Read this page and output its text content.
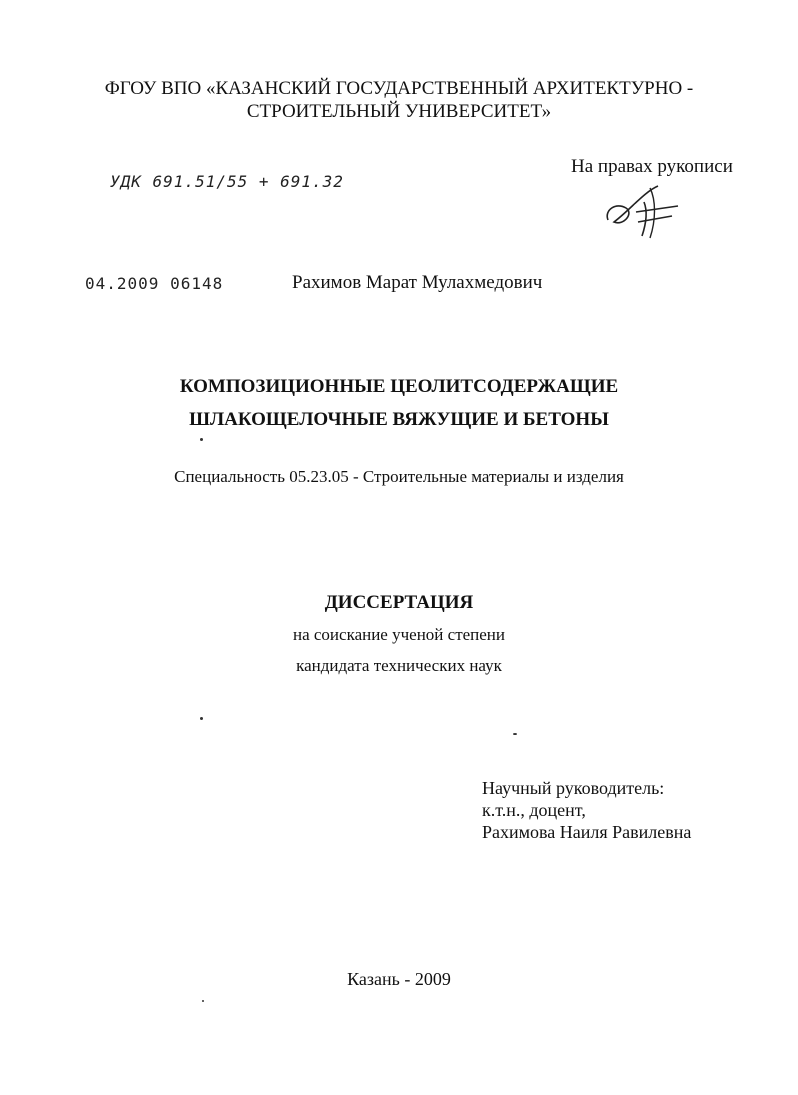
ФГОУ ВПО «КАЗАНСКИЙ ГОСУДАРСТВЕННЫЙ АРХИТЕКТУРНО -
СТРОИТЕЛЬНЫЙ УНИВЕРСИТЕТ»
УДК 691.51/55 + 691.32
На правах рукописи
04.2009 06148	Рахимов Марат Мулахмедович
КОМПОЗИЦИОННЫЕ ЦЕОЛИТСОДЕРЖАЩИЕ
ШЛАКОЩЕЛОЧНЫЕ ВЯЖУЩИЕ И БЕТОНЫ
Специальность 05.23.05 - Строительные материалы и изделия
ДИССЕРТАЦИЯ
на соискание ученой степени
кандидата технических наук
Научный руководитель:
к.т.н., доцент,
Рахимова Наиля Равилевна
Казань - 2009
